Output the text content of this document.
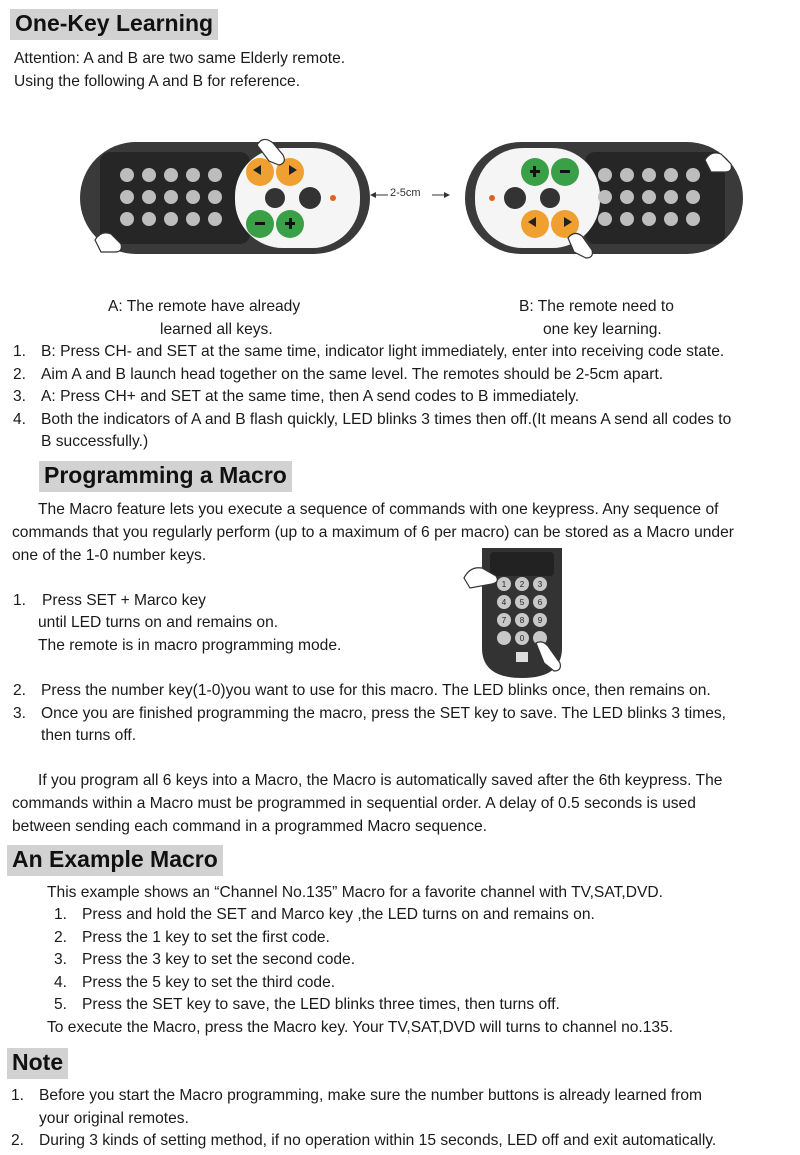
One-Key Learning
Attention: A and B are two same Elderly remote.
Using the following A and B for reference.
2-5cm
A: The remote have already
learned all keys.
B: The remote need to
one key learning.
1. B: Press CH- and SET at the same time, indicator light immediately, enter into receiving code state.
2. Aim A and B launch head together on the same level. The remotes should be 2-5cm apart.
3. A: Press CH+ and SET at the same time, then A send codes to B immediately.
4. Both the indicators of A and B flash quickly, LED blinks 3 times then off.(It means A send all codes to
B successfully.)
Programming a Macro
The Macro feature lets you execute a sequence of commands with one keypress. Any sequence of
commands that you regularly perform (up to a maximum of 6 per macro) can be stored as a Macro under
one of the 1-0 number keys.
1. Press SET + Marco key
until LED turns on and remains on.
The remote is in macro programming mode.
1 2 3
4 5 6
7 8 9
0
2. Press the number key(1-0)you want to use for this macro. The LED blinks once, then remains on.
3. Once you are finished programming the macro, press the SET key to save. The LED blinks 3 times,
then turns off.
If you program all 6 keys into a Macro, the Macro is automatically saved after the 6th keypress. The
commands within a Macro must be programmed in sequential order. A delay of 0.5 seconds is used
between sending each command in a programmed Macro sequence.
An Example Macro
This example shows an “Channel No.135” Macro for a favorite channel with TV,SAT,DVD.
1. Press and hold the SET and Marco key ,the LED turns on and remains on.
2. Press the 1 key to set the first code.
3. Press the 3 key to set the second code.
4. Press the 5 key to set the third code.
5. Press the SET key to save, the LED blinks three times, then turns off.
To execute the Macro, press the Macro key. Your TV,SAT,DVD will turns to channel no.135.
Note
1. Before you start the Macro programming, make sure the number buttons is already learned from
your original remotes.
2. During 3 kinds of setting method, if no operation within 15 seconds, LED off and exit automatically.
